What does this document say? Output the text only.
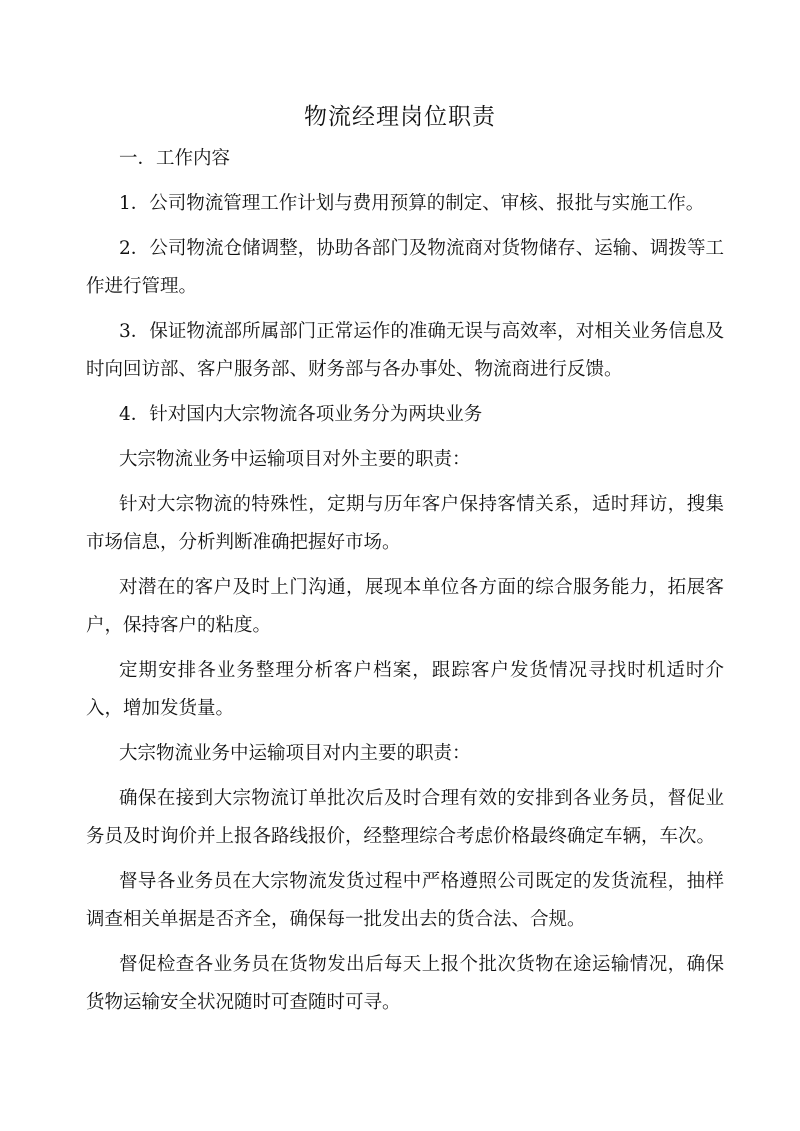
物流经理岗位职责

一．工作内容

1．公司物流管理工作计划与费用预算的制定、审核、报批与实施工作。

2．公司物流仓储调整，协助各部门及物流商对货物储存、运输、调拨等工作进行管理。

3．保证物流部所属部门正常运作的准确无误与高效率，对相关业务信息及时向回访部、客户服务部、财务部与各办事处、物流商进行反馈。

4．针对国内大宗物流各项业务分为两块业务

大宗物流业务中运输项目对外主要的职责：

针对大宗物流的特殊性，定期与历年客户保持客情关系，适时拜访，搜集市场信息，分析判断准确把握好市场。

对潜在的客户及时上门沟通，展现本单位各方面的综合服务能力，拓展客户，保持客户的粘度。

定期安排各业务整理分析客户档案，跟踪客户发货情况寻找时机适时介入，增加发货量。

大宗物流业务中运输项目对内主要的职责：

确保在接到大宗物流订单批次后及时合理有效的安排到各业务员，督促业务员及时询价并上报各路线报价，经整理综合考虑价格最终确定车辆，车次。

督导各业务员在大宗物流发货过程中严格遵照公司既定的发货流程，抽样调查相关单据是否齐全，确保每一批发出去的货合法、合规。

督促检查各业务员在货物发出后每天上报个批次货物在途运输情况，确保货物运输安全状况随时可查随时可寻。
